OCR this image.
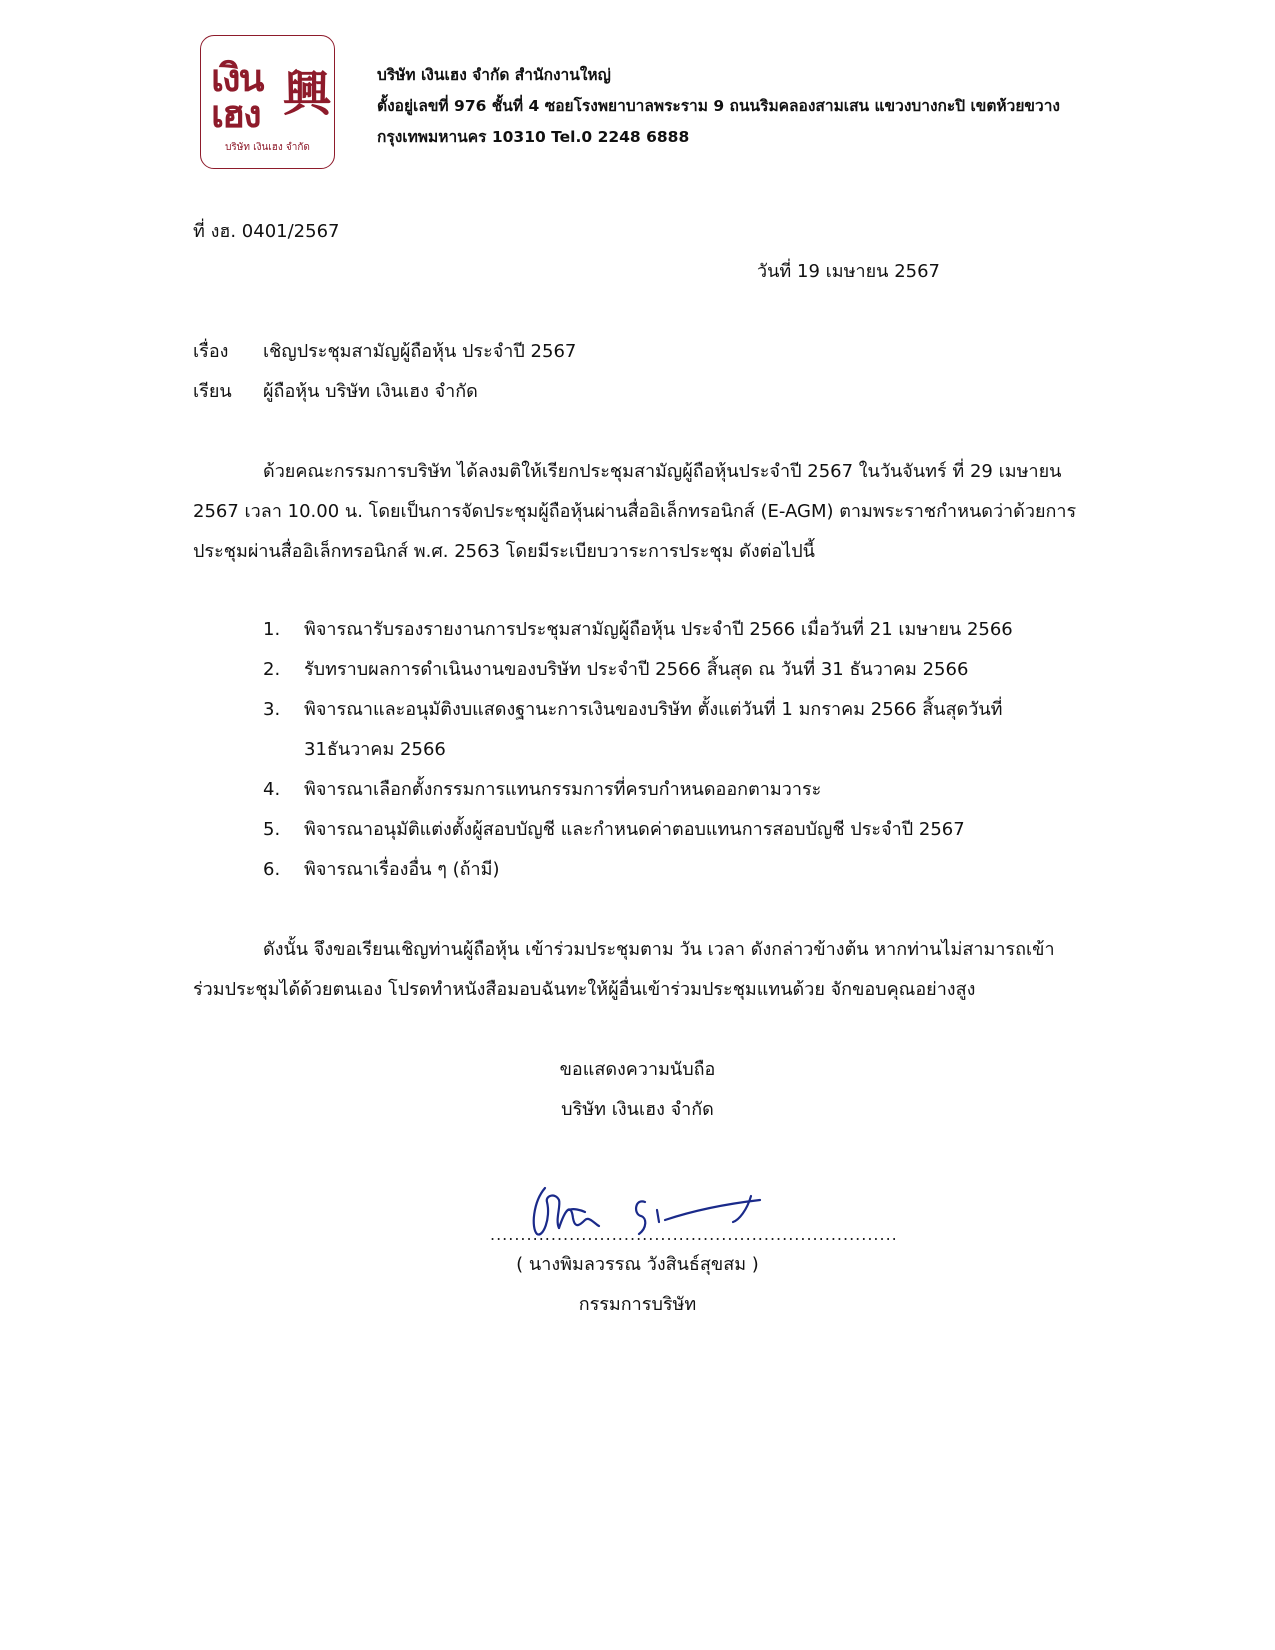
เงิน
เฮง 興
บริษัท เงินเฮง จำกัด
บริษัท เงินเฮง จำกัด สำนักงานใหญ่
ตั้งอยู่เลขที่ 976 ชั้นที่ 4 ซอยโรงพยาบาลพระราม 9 ถนนริมคลองสามเสน แขวงบางกะปิ เขตห้วยขวาง
กรุงเทพมหานคร 10310 Tel.0 2248 6888
ที่ งฮ. 0401/2567
วันที่ 19 เมษายน 2567
เรื่อง เชิญประชุมสามัญผู้ถือหุ้น ประจำปี 2567
เรียน ผู้ถือหุ้น บริษัท เงินเฮง จำกัด
ด้วยคณะกรรมการบริษัท ได้ลงมติให้เรียกประชุมสามัญผู้ถือหุ้นประจำปี 2567 ในวันจันทร์ ที่ 29 เมษายน
2567 เวลา 10.00 น. โดยเป็นการจัดประชุมผู้ถือหุ้นผ่านสื่ออิเล็กทรอนิกส์ (E-AGM) ตามพระราชกำหนดว่าด้วยการ
ประชุมผ่านสื่ออิเล็กทรอนิกส์ พ.ศ. 2563 โดยมีระเบียบวาระการประชุม ดังต่อไปนี้
1. พิจารณารับรองรายงานการประชุมสามัญผู้ถือหุ้น ประจำปี 2566 เมื่อวันที่ 21 เมษายน 2566
2. รับทราบผลการดำเนินงานของบริษัท ประจำปี 2566 สิ้นสุด ณ วันที่ 31 ธันวาคม 2566
3. พิจารณาและอนุมัติงบแสดงฐานะการเงินของบริษัท ตั้งแต่วันที่ 1 มกราคม 2566 สิ้นสุดวันที่
31ธันวาคม 2566
4. พิจารณาเลือกตั้งกรรมการแทนกรรมการที่ครบกำหนดออกตามวาระ
5. พิจารณาอนุมัติแต่งตั้งผู้สอบบัญชี และกำหนดค่าตอบแทนการสอบบัญชี ประจำปี 2567
6. พิจารณาเรื่องอื่น ๆ (ถ้ามี)
ดังนั้น จึงขอเรียนเชิญท่านผู้ถือหุ้น เข้าร่วมประชุมตาม วัน เวลา ดังกล่าวข้างต้น หากท่านไม่สามารถเข้า
ร่วมประชุมได้ด้วยตนเอง โปรดทำหนังสือมอบฉันทะให้ผู้อื่นเข้าร่วมประชุมแทนด้วย จักขอบคุณอย่างสูง
ขอแสดงความนับถือ
บริษัท เงินเฮง จำกัด
...................................................................
( นางพิมลวรรณ วังสินธ์สุขสม )
กรรมการบริษัท
